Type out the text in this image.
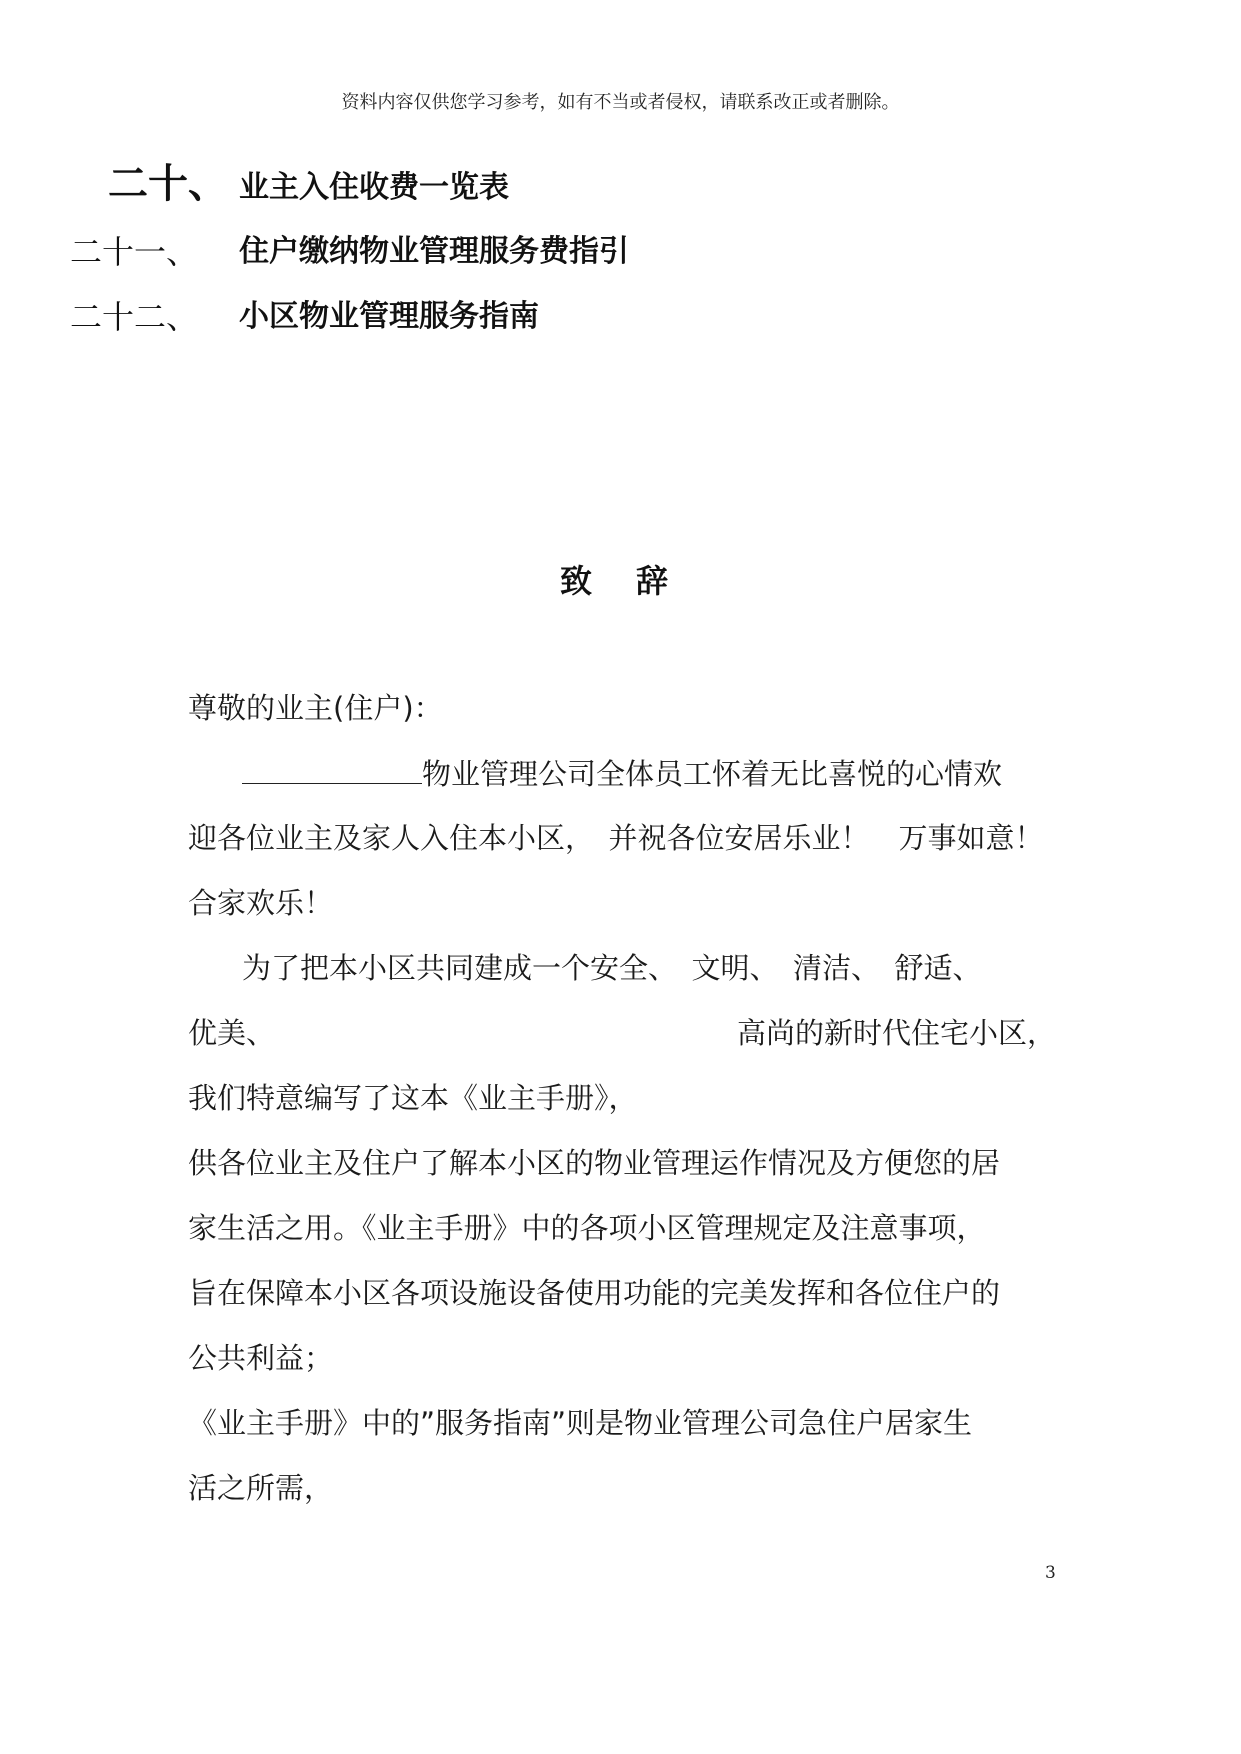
资料内容仅供您学习参考，如有不当或者侵权，请联系改正或者删除。
二十、 业主入住收费一览表
二十一、 住户缴纳物业管理服务费指引
二十二、 小区物业管理服务指南
致辞
尊敬的业主(住户)：
物业管理公司全体员工怀着无比喜悦的心情欢
迎各位业主及家人入住本小区，　并祝各位安居乐业！　万事如意！
合家欢乐！
为了把本小区共同建成一个安全、　文明、　清洁、　舒适、
优美、	高尚的新时代住宅小区，
我们特意编写了这本《业主手册》，
供各位业主及住户了解本小区的物业管理运作情况及方便您的居
家生活之用。《业主手册》中的各项小区管理规定及注意事项，
旨在保障本小区各项设施设备使用功能的完美发挥和各位住户的
公共利益；
《业主手册》中的”服务指南”则是物业管理公司急住户居家生
活之所需，
3
